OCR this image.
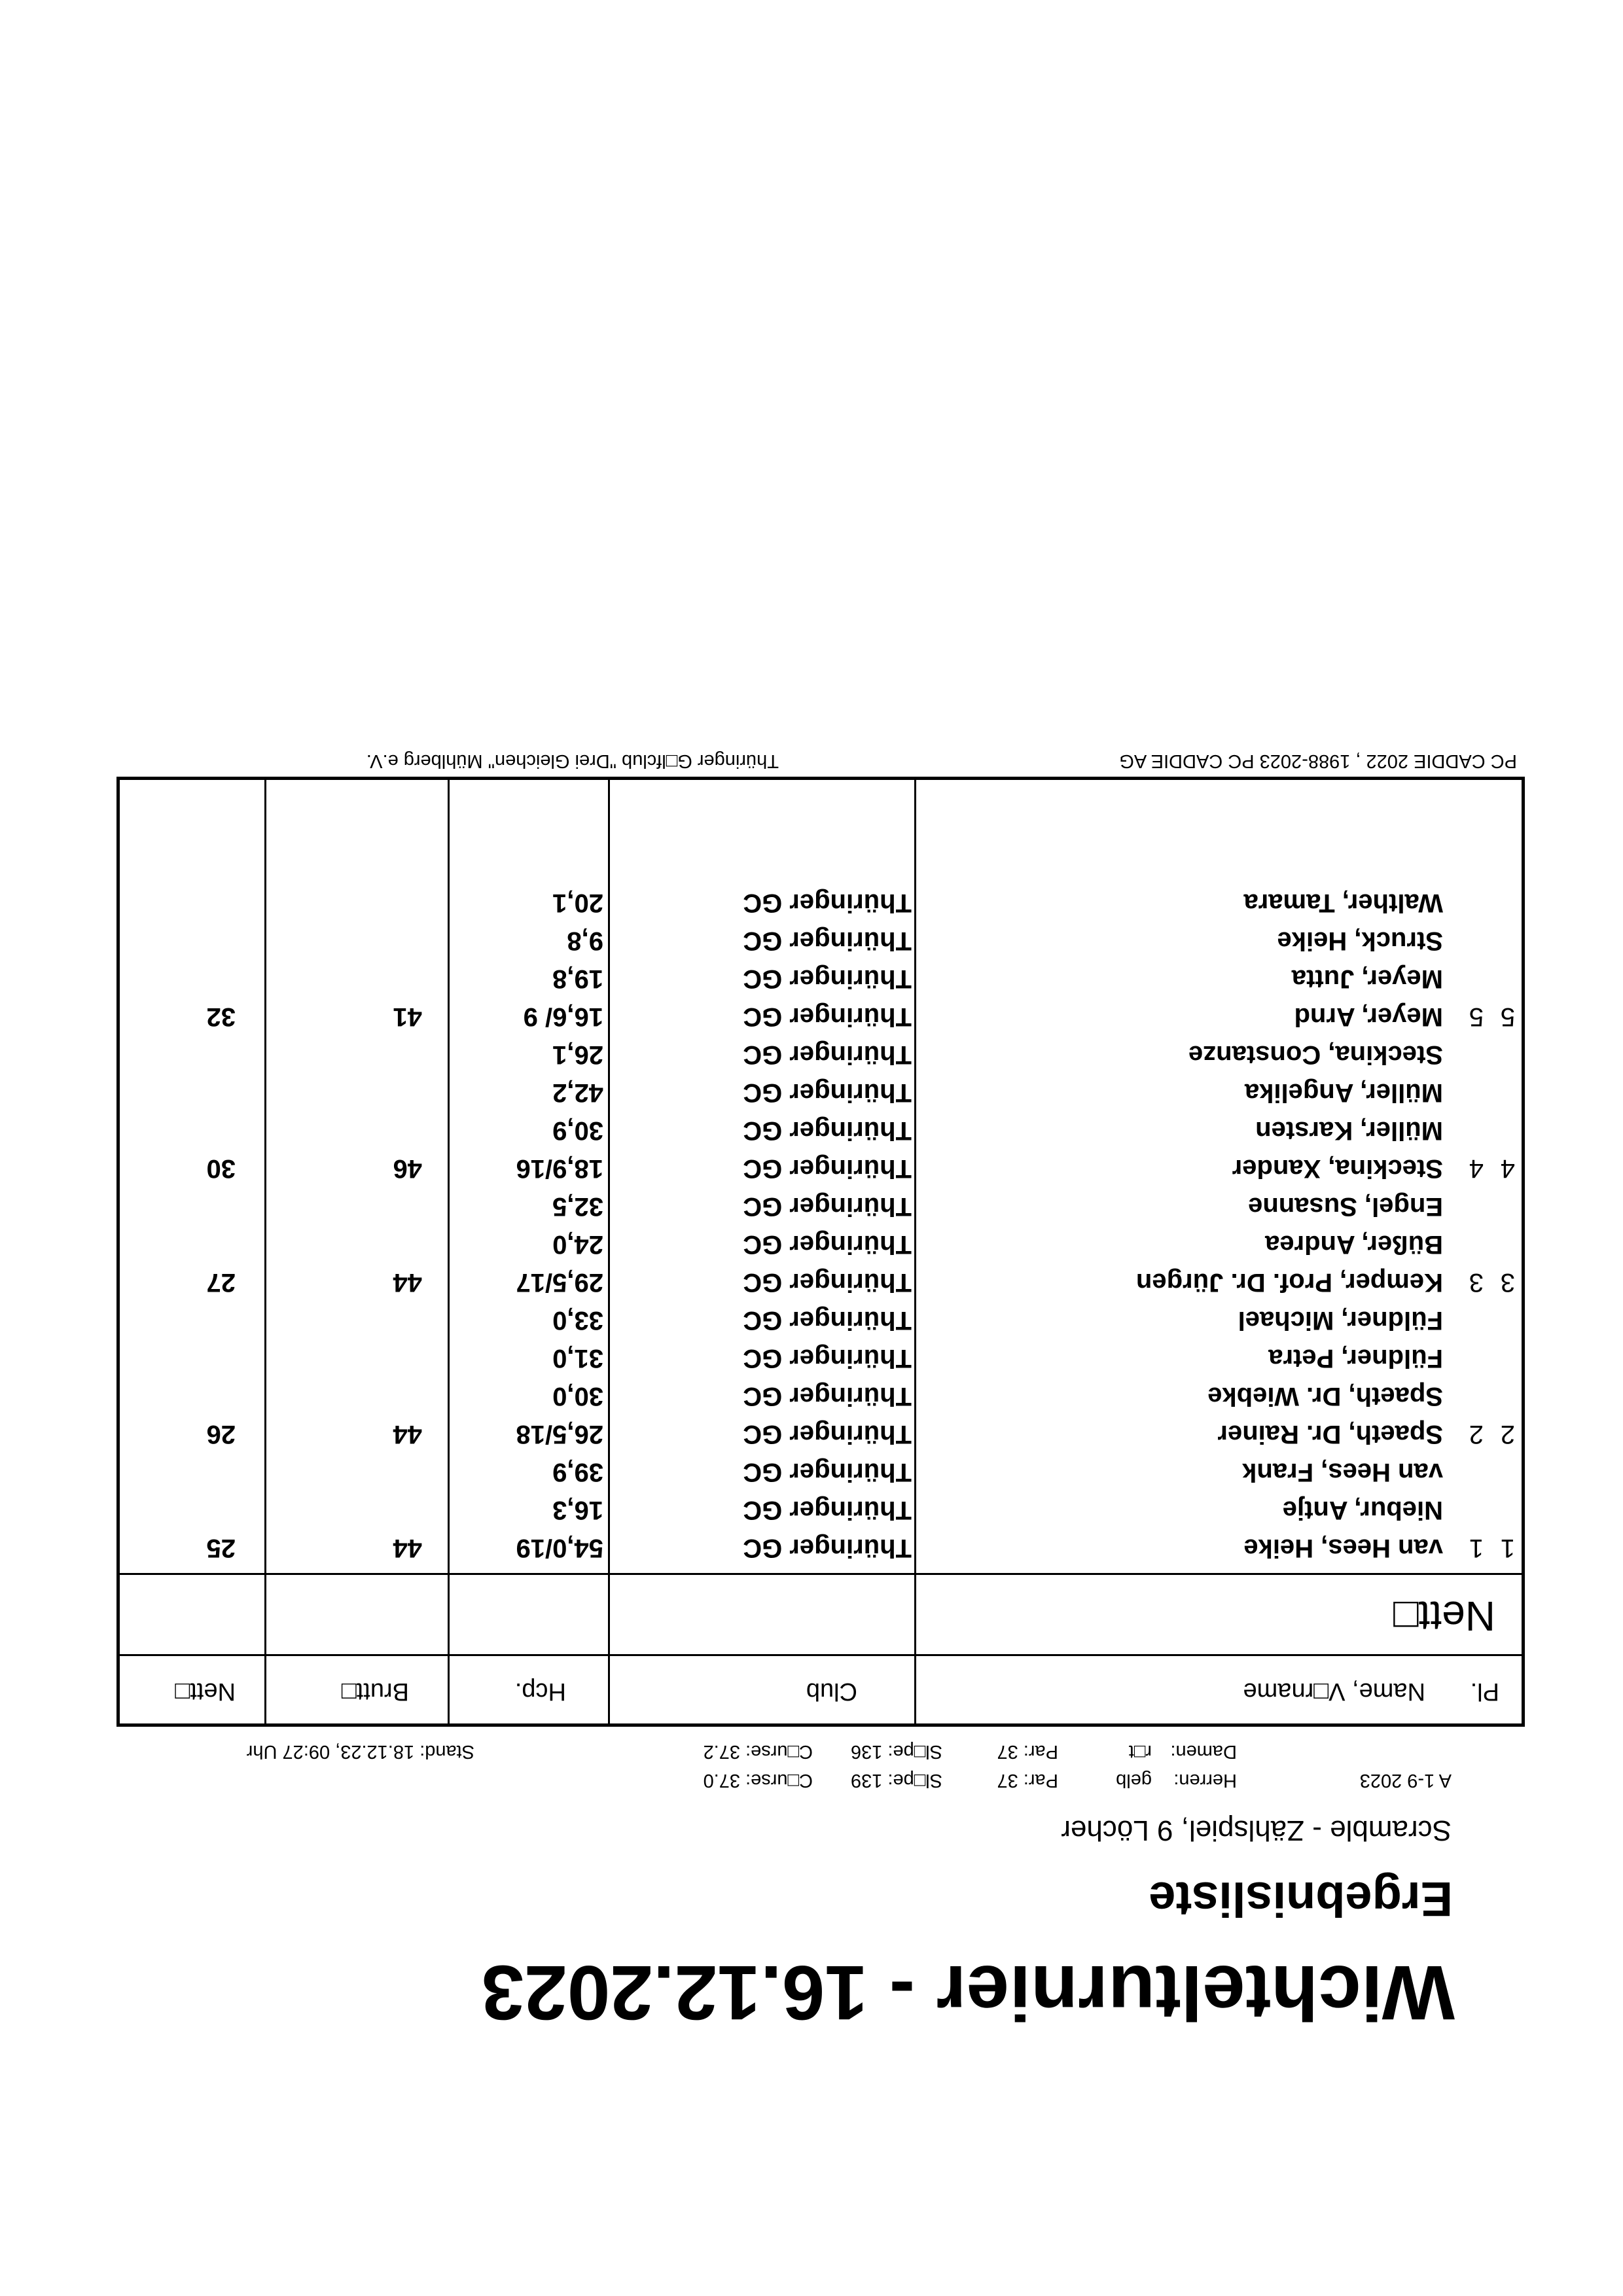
Wichtelturnier - 16.12.2023
Ergebnisliste
Scramble - Zählspiel, 9 Löcher
A 1-9 2023
Herren:
gelb
Par: 37
Sl□pe: 139
C□urse: 37.0
Damen:
r□t
Par: 37
Sl□pe: 136
C□urse: 37.2
Stand: 18.12.23, 09:27 Uhr
Pl.
Name, V□rname
Club
Hcp.
Brutt□
Nett□
Nett□
1
1
van Hees, Heike
Thüringer GC
54,0/19
44
25
Niebur, Antje
Thüringer GC
16,3
van Hees, Frank
Thüringer GC
39,9
2
2
Spaeth, Dr. Rainer
Thüringer GC
26,5/18
44
26
Spaeth, Dr. Wiebke
Thüringer GC
30,0
Füldner, Petra
Thüringer GC
31,0
Füldner, Michael
Thüringer GC
33,0
3
3
Kemper, Prof. Dr. Jürgen
Thüringer GC
29,5/17
44
27
Büßer, Andrea
Thüringer GC
24,0
Engel, Susanne
Thüringer GC
32,5
4
4
Steckina, Xander
Thüringer GC
18,9/16
46
30
Müller, Karsten
Thüringer GC
30,9
Müller, Angelika
Thüringer GC
42,2
Steckina, Constanze
Thüringer GC
26,1
5
5
Meyer, Arnd
Thüringer GC
16,6/ 9
41
32
Meyer, Jutta
Thüringer GC
19,8
Struck, Heike
Thüringer GC
9,8
Walther, Tamara
Thüringer GC
20,1
PC CADDIE 2022 , 1988-2023 PC CADDIE AG
Thüringer G□lfclub "Drei Gleichen" Mühlberg e.V.
